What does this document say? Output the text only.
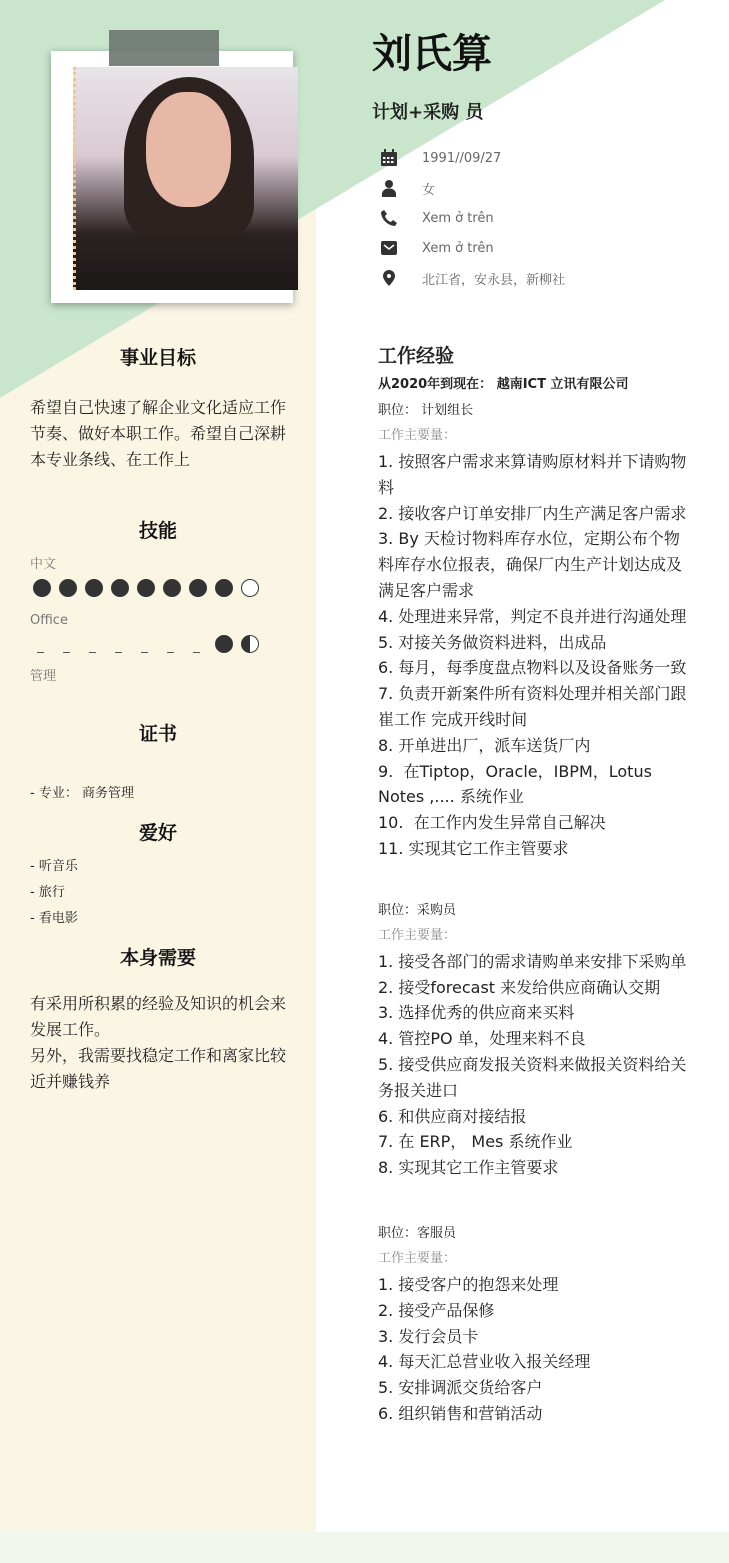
刘氏算
计划+采购 员
1991//09/27
女
Xem ở trên
Xem ở trên
北江省，安永县，新柳社
事业目标
希望自己快速了解企业文化适应工作节奏、做好本职工作。希望自己深耕本专业条线、在工作上
技能
中文
Office
管理
证书
- 专业： 商务管理
爱好
- 听音乐
- 旅行
- 看电影
本身需要
有采用所积累的经验及知识的机会来发展工作。
另外，我需要找稳定工作和离家比较近并赚钱养
工作经验
从2020年到现在： 越南ICT 立讯有限公司
职位： 计划组长
工作主要量：
1. 按照客户需求来算请购原材料并下请购物料
2. 接收客户订单安排厂内生产满足客户需求
3. By 天检讨物料库存水位，定期公布个物料库存水位报表，确保厂内生产计划达成及满足客户需求
4. 处理进来异常，判定不良并进行沟通处理
5. 对接关务做资料进料，出成品
6. 每月，每季度盘点物料以及设备账务一致
7. 负责开新案件所有资料处理并相关部门跟崔工作 完成开线时间
8. 开单进出厂，派车送货厂内
9.  在Tiptop，Oracle，IBPM，Lotus Notes ,.... 系统作业
10.  在工作内发生异常自己解决
11. 实现其它工作主管要求
职位：采购员
工作主要量：
1. 接受各部门的需求请购单来安排下采购单
2. 接受forecast 来发给供应商确认交期
3. 选择优秀的供应商来买料
4. 管控PO 单，处理来料不良
5. 接受供应商发报关资料来做报关资料给关务报关进口
6. 和供应商对接结报
7. 在 ERP， Mes 系统作业
8. 实现其它工作主管要求
职位：客服员
工作主要量：
1. 接受客户的抱怨来处理
2. 接受产品保修
3. 发行会员卡
4. 每天汇总营业收入报关经理
5. 安排调派交货给客户
6. 组织销售和营销活动
